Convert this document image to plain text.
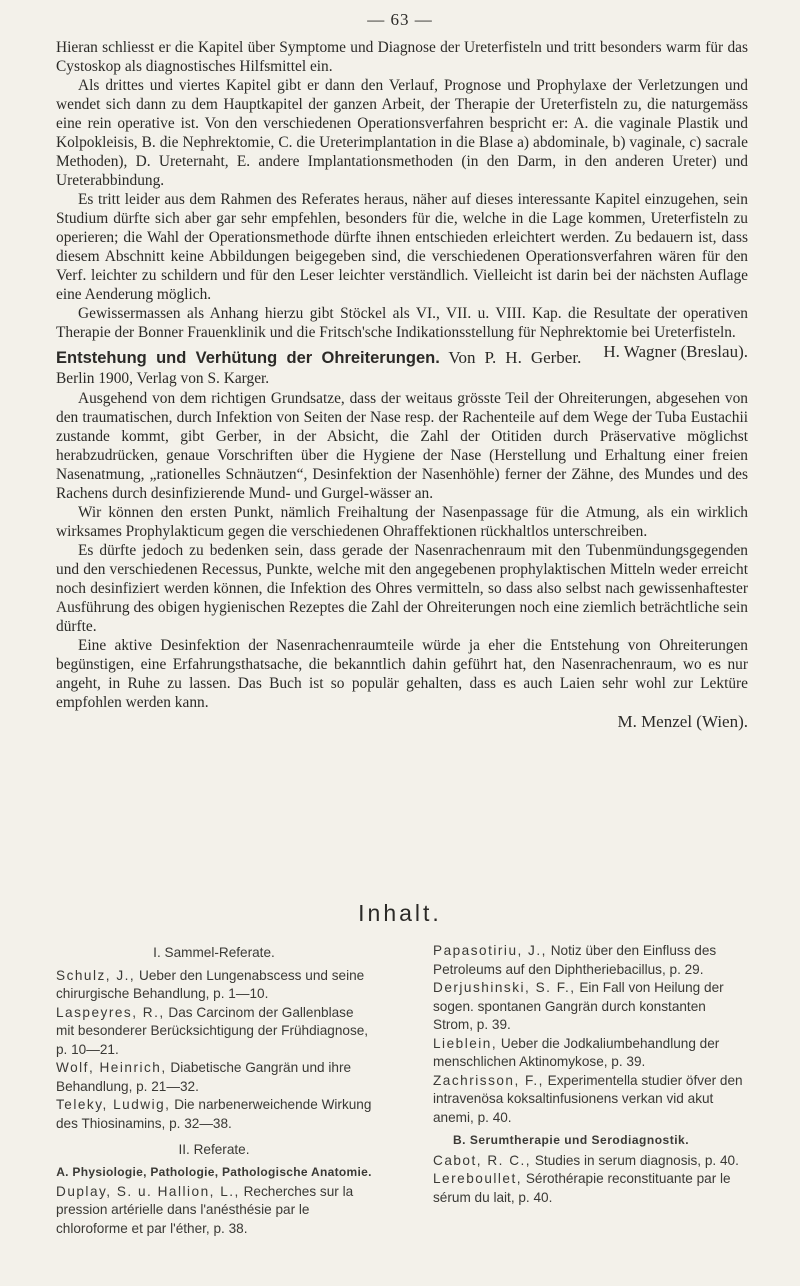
— 63 —

Hieran schliesst er die Kapitel über Symptome und Diagnose der Ureterfisteln und tritt besonders warm für das Cystoskop als diagnostisches Hilfsmittel ein.

Als drittes und viertes Kapitel gibt er dann den Verlauf, Prognose und Prophylaxe der Verletzungen und wendet sich dann zu dem Hauptkapitel der ganzen Arbeit, der Therapie der Ureterfisteln zu, die naturgemäss eine rein operative ist. Von den verschiedenen Operationsverfahren bespricht er: A. die vaginale Plastik und Kolpokleisis, B. die Nephrektomie, C. die Ureterimplantation in die Blase a) abdominale, b) vaginale, c) sacrale Methoden), D. Ureternaht, E. andere Implantationsmethoden (in den Darm, in den anderen Ureter) und Ureterabbindung.

Es tritt leider aus dem Rahmen des Referates heraus, näher auf dieses interessante Kapitel einzugehen, sein Studium dürfte sich aber gar sehr empfehlen, besonders für die, welche in die Lage kommen, Ureterfisteln zu operieren; die Wahl der Operationsmethode dürfte ihnen entschieden erleichtert werden. Zu bedauern ist, dass diesem Abschnitt keine Abbildungen beigegeben sind, die verschiedenen Operationsverfahren wären für den Verf. leichter zu schildern und für den Leser leichter verständlich. Vielleicht ist darin bei der nächsten Auflage eine Aenderung möglich.

Gewissermassen als Anhang hierzu gibt Stöckel als VI., VII. u. VIII. Kap. die Resultate der operativen Therapie der Bonner Frauenklinik und die Fritsch'sche Indikationsstellung für Nephrektomie bei Ureterfisteln.
H. Wagner (Breslau).

Entstehung und Verhütung der Ohreiterungen. Von P. H. Gerber. Berlin 1900, Verlag von S. Karger.

Ausgehend von dem richtigen Grundsatze, dass der weitaus grösste Teil der Ohreiterungen, abgesehen von den traumatischen, durch Infektion von Seiten der Nase resp. der Rachenteile auf dem Wege der Tuba Eustachii zustande kommt, gibt Gerber, in der Absicht, die Zahl der Otitiden durch Präservative möglichst herabzudrücken, genaue Vorschriften über die Hygiene der Nase (Herstellung und Erhaltung einer freien Nasenatmung, „rationelles Schnäutzen“, Desinfektion der Nasenhöhle) ferner der Zähne, des Mundes und des Rachens durch desinfizierende Mund- und Gurgel-wässer an.

Wir können den ersten Punkt, nämlich Freihaltung der Nasenpassage für die Atmung, als ein wirklich wirksames Prophylakticum gegen die verschiedenen Ohraffektionen rückhaltlos unterschreiben.

Es dürfte jedoch zu bedenken sein, dass gerade der Nasenrachenraum mit den Tubenmündungsgegenden und den verschiedenen Recessus, Punkte, welche mit den angegebenen prophylaktischen Mitteln weder erreicht noch desinfiziert werden können, die Infektion des Ohres vermitteln, so dass also selbst nach gewissenhaftester Ausführung des obigen hygienischen Rezeptes die Zahl der Ohreiterungen noch eine ziemlich beträchtliche sein dürfte.

Eine aktive Desinfektion der Nasenrachenraumteile würde ja eher die Entstehung von Ohreiterungen begünstigen, eine Erfahrungsthatsache, die bekanntlich dahin geführt hat, den Nasenrachenraum, wo es nur angeht, in Ruhe zu lassen. Das Buch ist so populär gehalten, dass es auch Laien sehr wohl zur Lektüre empfohlen werden kann.

M. Menzel (Wien).

Inhalt.
I. Sammel-Referate.

Schulz, J., Ueber den Lungenabscess und seine chirurgische Behandlung, p. 1—10.

Laspeyres, R., Das Carcinom der Gallenblase mit besonderer Berücksichtigung der Frühdiagnose, p. 10—21.

Wolf, Heinrich, Diabetische Gangrän und ihre Behandlung, p. 21—32.

Teleky, Ludwig, Die narbenerweichende Wirkung des Thiosinamins, p. 32—38.

II. Referate.
A. Physiologie, Pathologie, Pathologische Anatomie.

Duplay, S. u. Hallion, L., Recherches sur la pression artérielle dans l'anésthésie par le chloroforme et par l'éther, p. 38.

Papasotiriu, J., Notiz über den Einfluss des Petroleums auf den Diphtheriebacillus, p. 29.

Derjushinski, S. F., Ein Fall von Heilung der sogen. spontanen Gangrän durch konstanten Strom, p. 39.

Lieblein, Ueber die Jodkaliumbehandlung der menschlichen Aktinomykose, p. 39.

Zachrisson, F., Experimentella studier öfver den intravenösa koksaltinfusionens verkan vid akut anemi, p. 40.

B. Serumtherapie und Serodiagnostik.

Cabot, R. C., Studies in serum diagnosis, p. 40.

Lereboullet, Sérothérapie reconstituante par le sérum du lait, p. 40.
